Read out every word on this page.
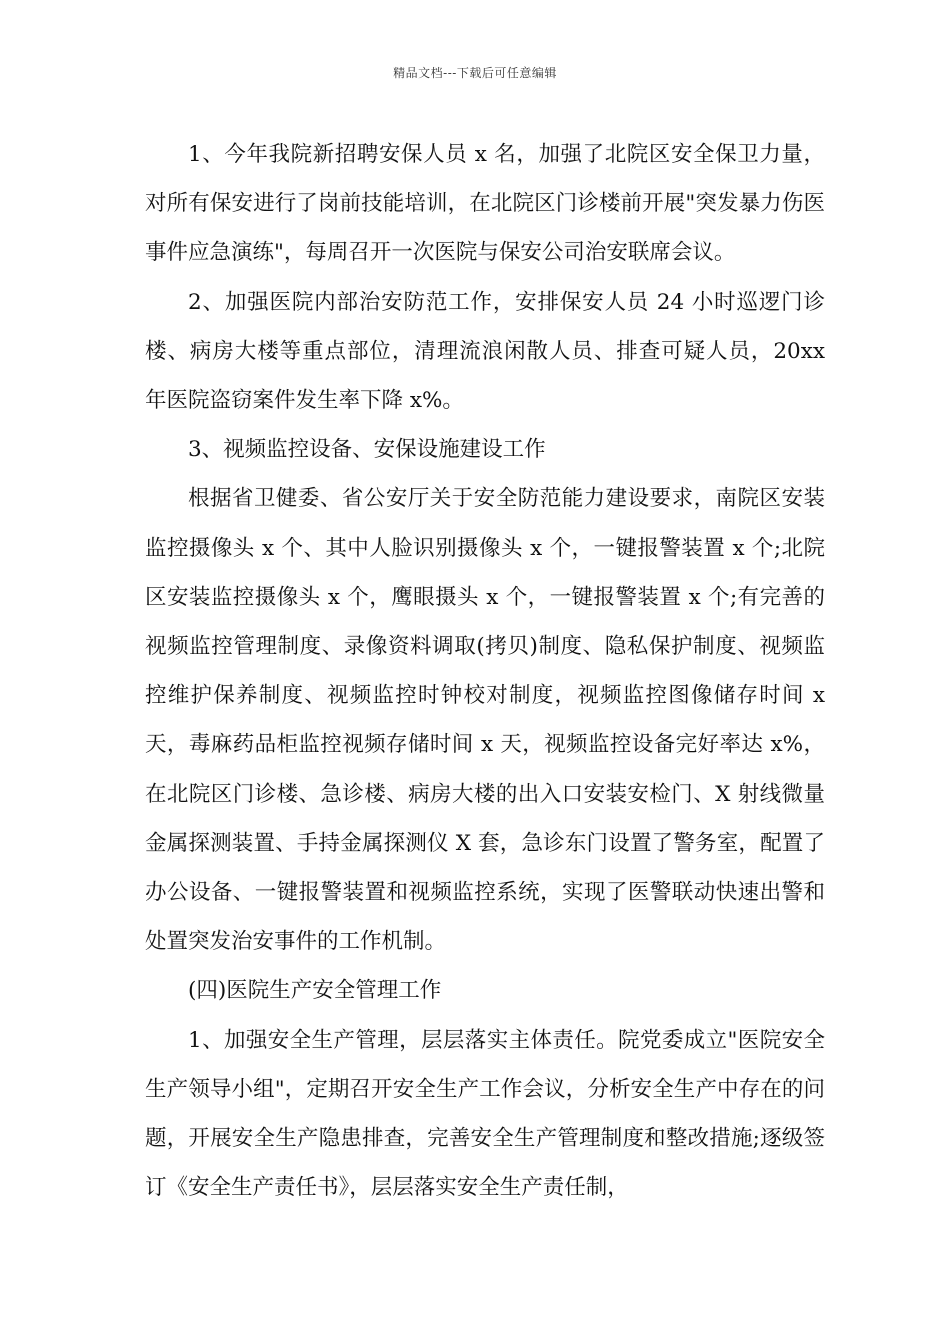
精品文档---下载后可任意编辑

1、今年我院新招聘安保人员 x 名，加强了北院区安全保卫力量，对所有保安进行了岗前技能培训，在北院区门诊楼前开展"突发暴力伤医事件应急演练"，每周召开一次医院与保安公司治安联席会议。

2、加强医院内部治安防范工作，安排保安人员 24 小时巡逻门诊楼、病房大楼等重点部位，清理流浪闲散人员、排查可疑人员，20xx 年医院盗窃案件发生率下降 x%。

3、视频监控设备、安保设施建设工作

根据省卫健委、省公安厅关于安全防范能力建设要求，南院区安装监控摄像头 x 个、其中人脸识别摄像头 x 个，一键报警装置 x 个;北院区安装监控摄像头 x 个，鹰眼摄头 x 个，一键报警装置 x 个;有完善的视频监控管理制度、录像资料调取(拷贝)制度、隐私保护制度、视频监控维护保养制度、视频监控时钟校对制度，视频监控图像储存时间 x 天，毒麻药品柜监控视频存储时间 x 天，视频监控设备完好率达 x%，在北院区门诊楼、急诊楼、病房大楼的出入口安装安检门、X 射线微量金属探测装置、手持金属探测仪 X 套，急诊东门设置了警务室，配置了办公设备、一键报警装置和视频监控系统，实现了医警联动快速出警和处置突发治安事件的工作机制。

(四)医院生产安全管理工作

1、加强安全生产管理，层层落实主体责任。院党委成立"医院安全生产领导小组"，定期召开安全生产工作会议，分析安全生产中存在的问题，开展安全生产隐患排查，完善安全生产管理制度和整改措施;逐级签订《安全生产责任书》，层层落实安全生产责任制，
